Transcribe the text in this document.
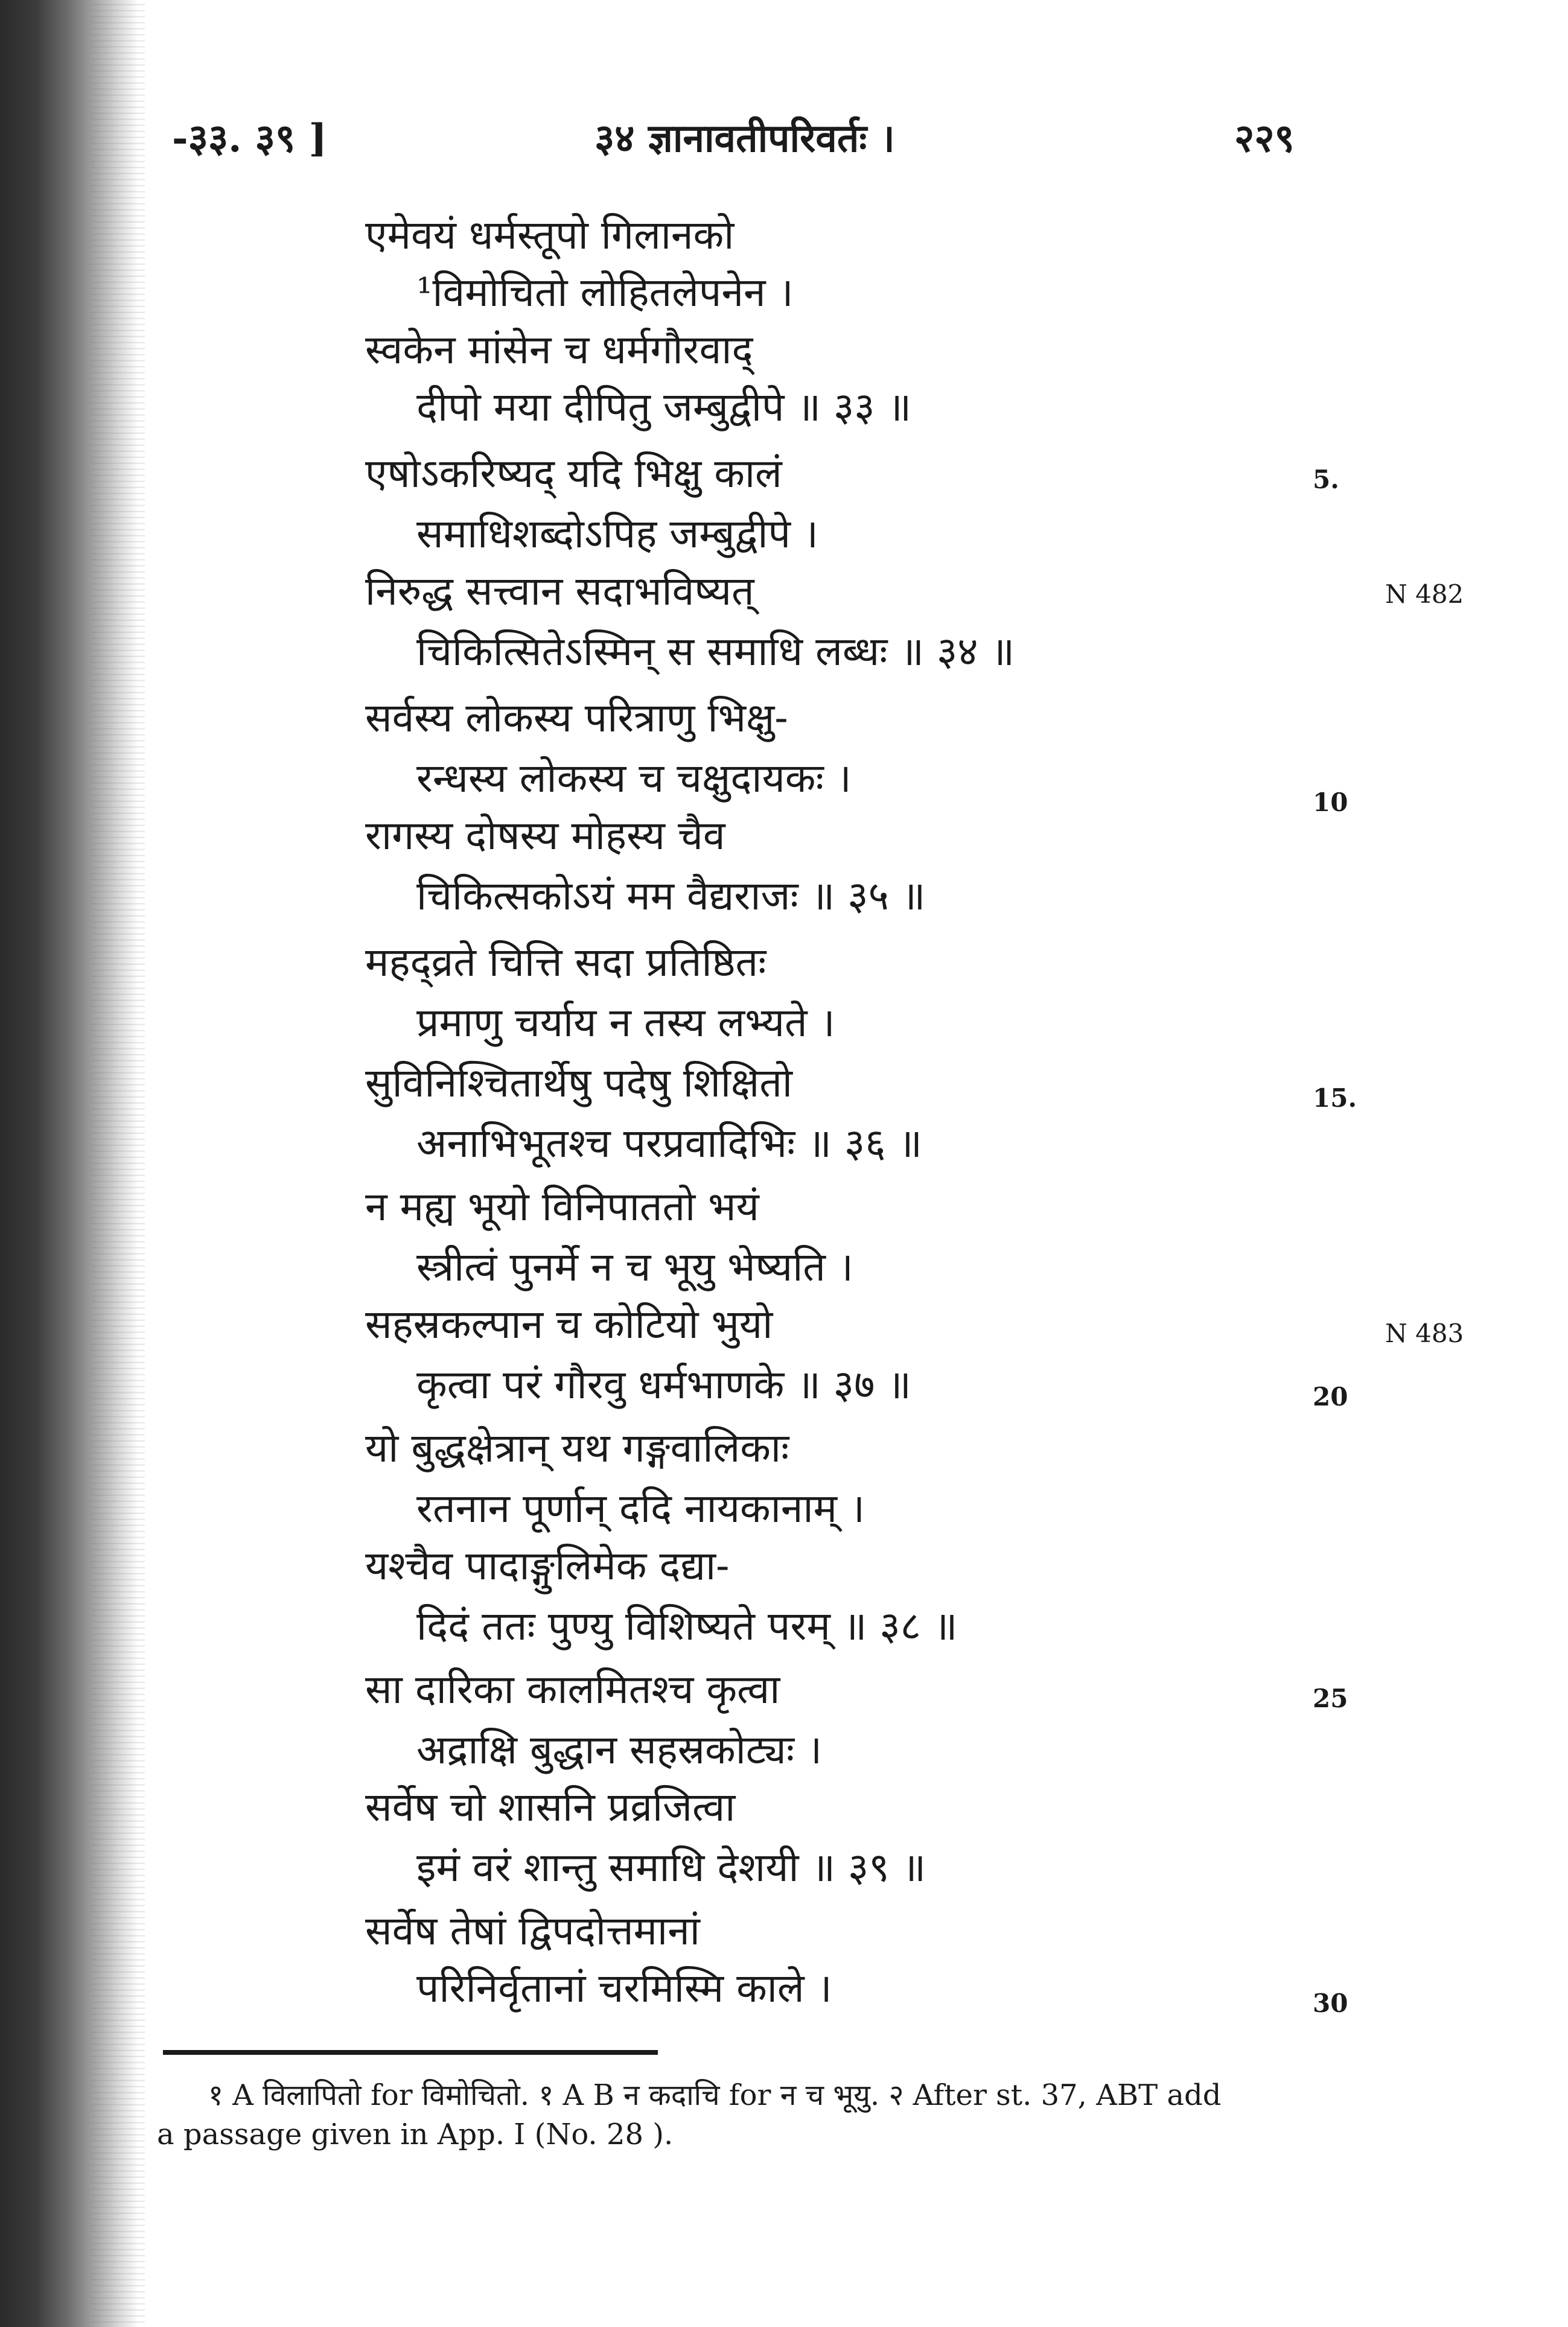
-३३. ३९ ]	३४ ज्ञानावतीपरिवर्तः ।	२२९
एमेवयं धर्मस्तूपो गिलानको
¹विमोचितो लोहितलेपनेन ।
स्वकेन मांसेन च धर्मगौरवाद्
दीपो मया दीपितु जम्बुद्वीपे ॥ ३३ ॥
एषोऽकरिष्यद् यदि भिक्षु कालं
समाधिशब्दोऽपिह जम्बुद्वीपे ।
निरुद्ध सत्त्वान सदाभविष्यत्
चिकित्सितेऽस्मिन् स समाधि लब्धः ॥ ३४ ॥
सर्वस्य लोकस्य परित्राणु भिक्षु-
रन्धस्य लोकस्य च चक्षुदायकः ।
रागस्य दोषस्य मोहस्य चैव
चिकित्सकोऽयं मम वैद्यराजः ॥ ३५ ॥
महद्व्रते चित्ति सदा प्रतिष्ठितः
प्रमाणु चर्याय न तस्य लभ्यते ।
सुविनिश्चितार्थेषु पदेषु शिक्षितो
अनाभिभूतश्च परप्रवादिभिः ॥ ३६ ॥
न मह्य भूयो विनिपाततो भयं
स्त्रीत्वं पुनर्मे न च भूयु भेष्यति ।
सहस्रकल्पान च कोटियो भुयो
कृत्वा परं गौरवु धर्मभाणके ॥ ३७ ॥
यो बुद्धक्षेत्रान् यथ गङ्गवालिकाः
रतनान पूर्णान् ददि नायकानाम् ।
यश्चैव पादाङ्गुलिमेक दद्या-
दिदं ततः पुण्यु विशिष्यते परम् ॥ ३८ ॥
सा दारिका कालमितश्च कृत्वा
अद्राक्षि बुद्धान सहस्रकोट्यः ।
सर्वेष चो शासनि प्रव्रजित्वा
इमं वरं शान्तु समाधि देशयी ॥ ३९ ॥
सर्वेष तेषां द्विपदोत्तमानां
परिनिर्वृतानां चरमिस्मि काले ।
5.
10
15.
20
25
30
N 482
N 483
१ A विलापितो for विमोचितो. १ A B न कदाचि for न च भूयु. २ After st. 37, ABT add
a passage given in App. I (No. 28 ).
